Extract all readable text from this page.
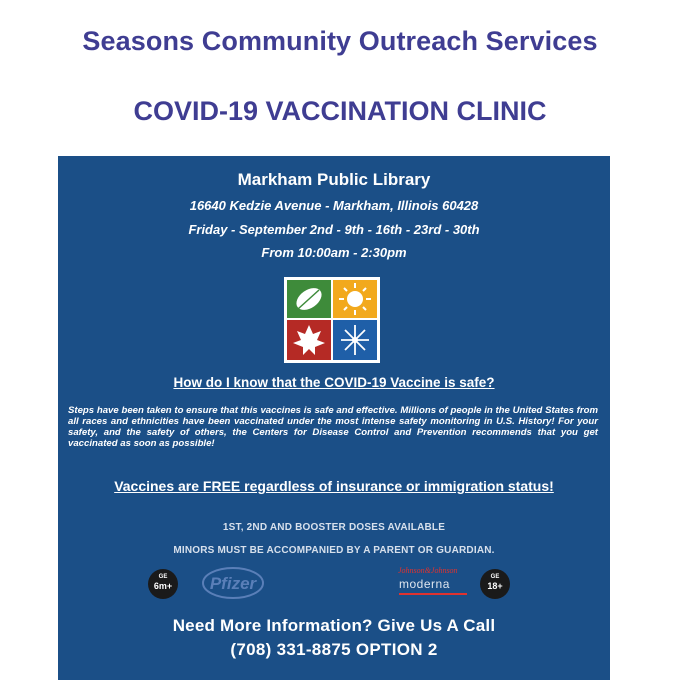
Seasons Community Outreach Services
COVID-19 VACCINATION CLINIC
Markham Public Library
16640 Kedzie Avenue - Markham, Illinois 60428
Friday - September 2nd - 9th - 16th - 23rd - 30th
From 10:00am - 2:30pm
How do I know that the COVID-19 Vaccine is safe?
Steps have been taken to ensure that this vaccines is safe and effective. Millions of people in the United States from all races and ethnicities have been vaccinated under the most intense safety monitoring in U.S. History! For your safety, and the safety of others, the Centers for Disease Control and Prevention recommends that you get vaccinated as soon as possible!
Vaccines are FREE regardless of insurance or immigration status!
1ST, 2ND AND BOOSTER DOSES AVAILABLE
MINORS MUST BE ACCOMPANIED BY A PARENT OR GUARDIAN.
GE
6m+	Pfizer
Johnson&Johnson
moderna	GE
18+
Need More Information? Give Us A Call
(708) 331-8875 OPTION 2
